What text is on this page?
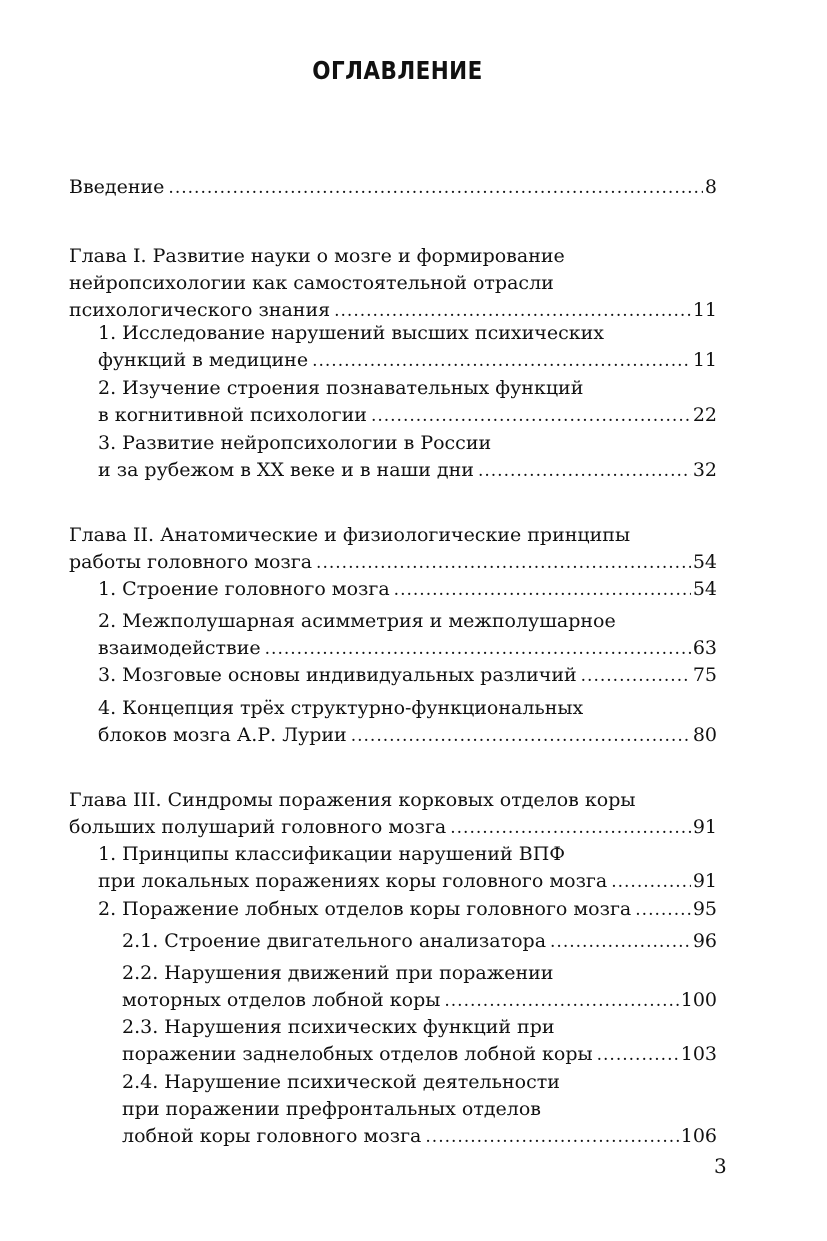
ОГЛАВЛЕНИЕ
Введение .....	8
Глава I. Развитие науки о мозге и формирование
нейропсихологии как самостоятельной отрасли
психологического знания .....	11
1. Исследование нарушений высших психических
функций в медицине .....	11
2. Изучение строения познавательных функций
в когнитивной психологии .....	22
3. Развитие нейропсихологии в России
и за рубежом в XX веке и в наши дни .....	32
Глава II. Анатомические и физиологические принципы
работы головного мозга .....	54
1. Строение головного мозга .....	54
2. Межполушарная асимметрия и межполушарное
взаимодействие .....	63
3. Мозговые основы индивидуальных различий .....	75
4. Концепция трёх структурно-функциональных
блоков мозга А.Р. Лурии .....	80
Глава III. Синдромы поражения корковых отделов коры
больших полушарий головного мозга .....	91
1. Принципы классификации нарушений ВПФ
при локальных поражениях коры головного мозга .....	91
2. Поражение лобных отделов коры головного мозга .....	95
2.1. Строение двигательного анализатора .....	96
2.2. Нарушения движений при поражении
моторных отделов лобной коры .....	100
2.3. Нарушения психических функций при
поражении заднелобных отделов лобной коры .....	103
2.4. Нарушение психической деятельности
при поражении префронтальных отделов
лобной коры головного мозга .....	106
3
